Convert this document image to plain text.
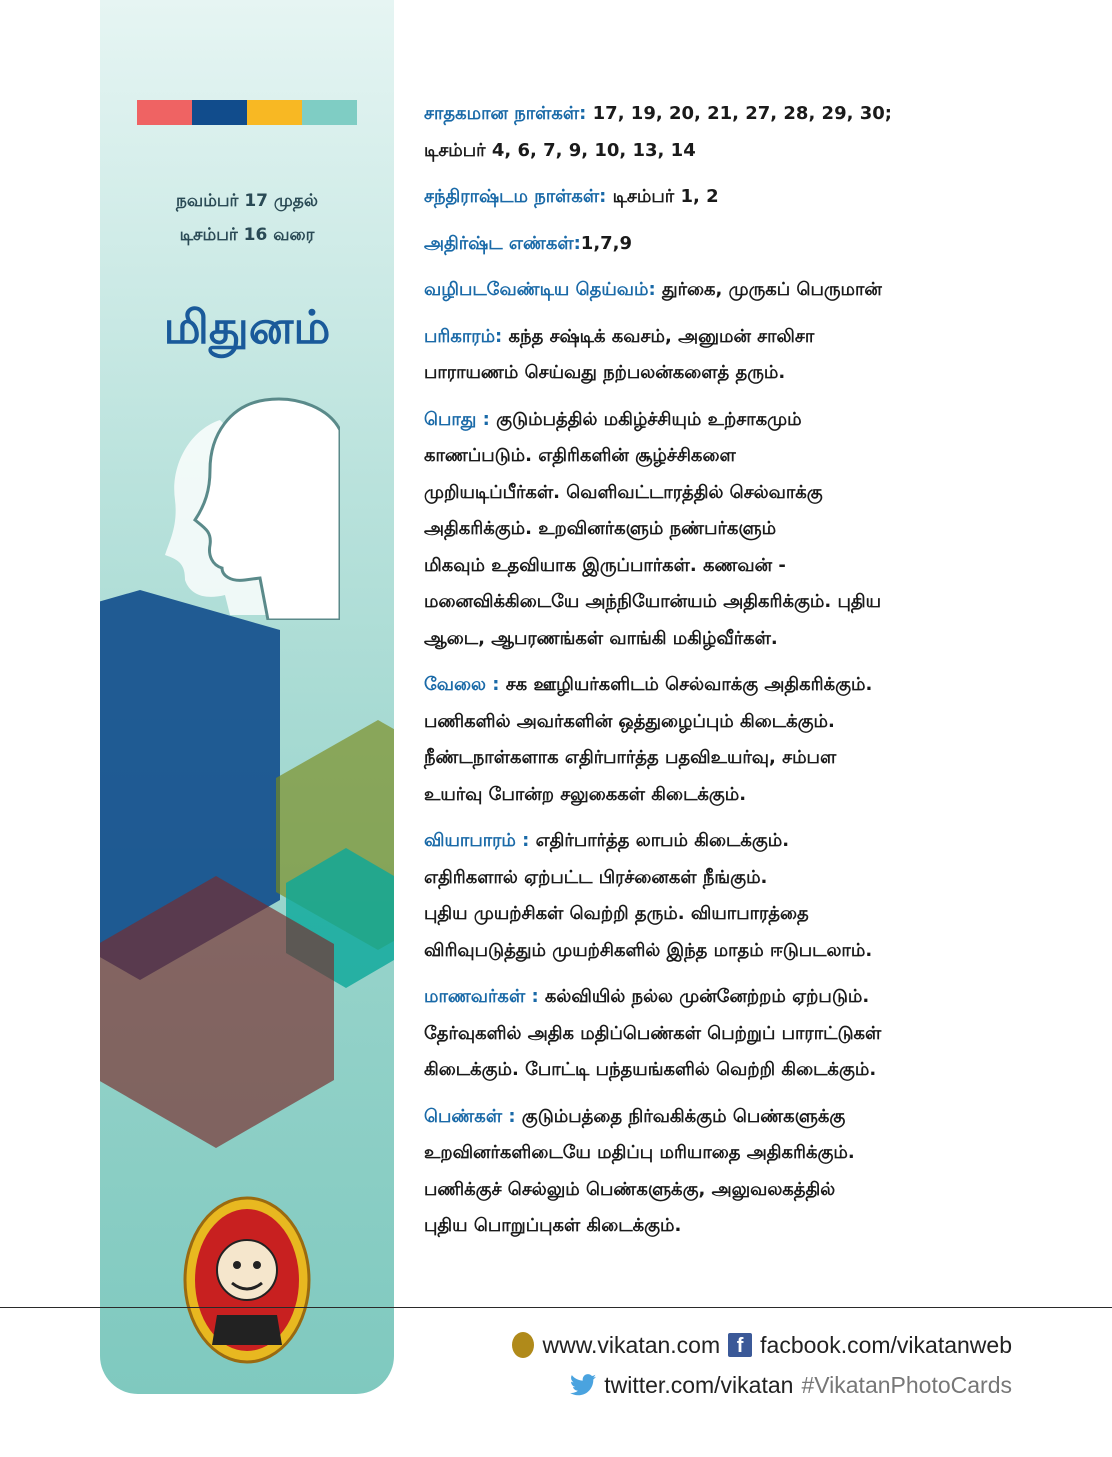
நவம்பர் 17 முதல்
டிசம்பர் 16 வரை
மிதுனம்

சாதகமான நாள்கள்: 17, 19, 20, 21, 27, 28, 29, 30;
டிசம்பர் 4, 6, 7, 9, 10, 13, 14

சந்திராஷ்டம நாள்கள்: டிசம்பர் 1, 2

அதிர்ஷ்ட எண்கள்:1,7,9

வழிபடவேண்டிய தெய்வம்: துர்கை, முருகப் பெருமான்

பரிகாரம்: கந்த சஷ்டிக் கவசம், அனுமன் சாலிசா
பாராயணம் செய்வது நற்பலன்களைத் தரும்.

பொது : குடும்பத்தில் மகிழ்ச்சியும் உற்சாகமும்
காணப்படும். எதிரிகளின் சூழ்ச்சிகளை
முறியடிப்பீர்கள். வெளிவட்டாரத்தில் செல்வாக்கு
அதிகரிக்கும். உறவினர்களும் நண்பர்களும்
மிகவும் உதவியாக இருப்பார்கள். கணவன் -
மனைவிக்கிடையே அந்நியோன்யம் அதிகரிக்கும். புதிய
ஆடை, ஆபரணங்கள் வாங்கி மகிழ்வீர்கள்.

வேலை : சக ஊழியர்களிடம் செல்வாக்கு அதிகரிக்கும்.
பணிகளில் அவர்களின் ஒத்துழைப்பும் கிடைக்கும்.
நீண்டநாள்களாக எதிர்பார்த்த பதவிஉயர்வு, சம்பள
உயர்வு போன்ற சலுகைகள் கிடைக்கும்.

வியாபாரம் : எதிர்பார்த்த லாபம் கிடைக்கும்.
எதிரிகளால் ஏற்பட்ட பிரச்னைகள் நீங்கும்.
புதிய முயற்சிகள் வெற்றி தரும். வியாபாரத்தை
விரிவுபடுத்தும் முயற்சிகளில் இந்த மாதம் ஈடுபடலாம்.

மாணவர்கள் : கல்வியில் நல்ல முன்னேற்றம் ஏற்படும்.
தேர்வுகளில் அதிக மதிப்பெண்கள் பெற்றுப் பாராட்டுகள்
கிடைக்கும். போட்டி பந்தயங்களில் வெற்றி கிடைக்கும்.

பெண்கள் : குடும்பத்தை நிர்வகிக்கும் பெண்களுக்கு
உறவினர்களிடையே மதிப்பு மரியாதை அதிகரிக்கும்.
பணிக்குச் செல்லும் பெண்களுக்கு, அலுவலகத்தில்
புதிய பொறுப்புகள் கிடைக்கும்.

www.vikatan.com f facbook.com/vikatanweb
twitter.com/vikatan #VikatanPhotoCards
